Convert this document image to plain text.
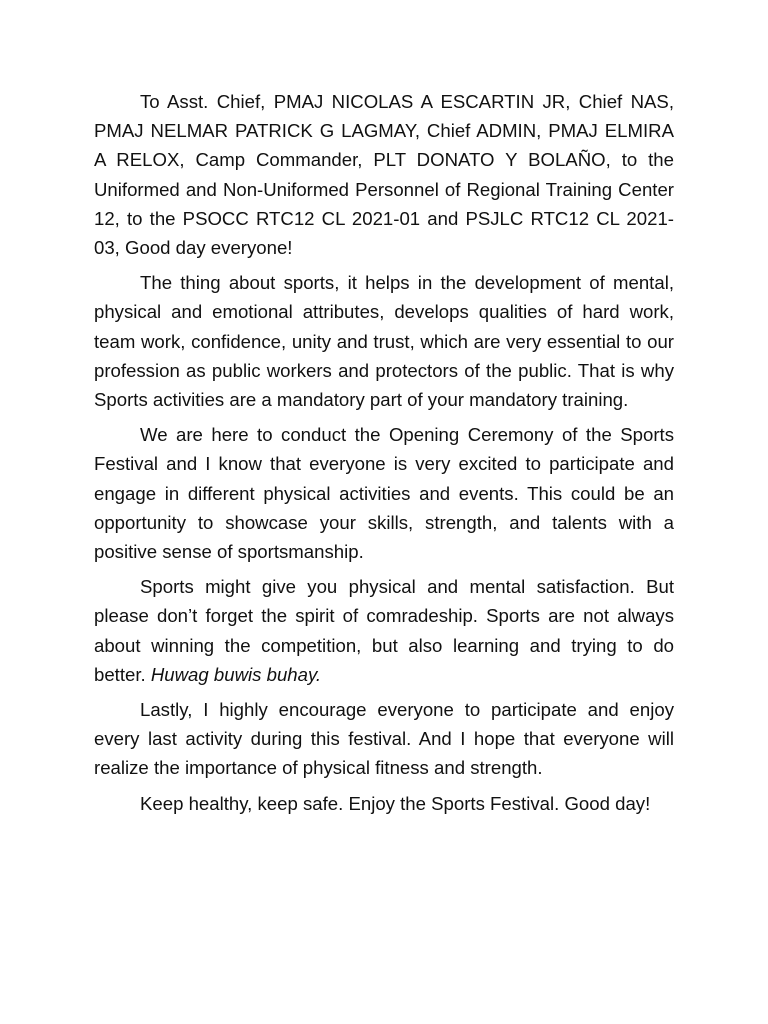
To Asst. Chief, PMAJ NICOLAS A ESCARTIN JR, Chief NAS, PMAJ NELMAR PATRICK G LAGMAY, Chief ADMIN, PMAJ ELMIRA A RELOX, Camp Commander, PLT DONATO Y BOLAÑO, to the Uniformed and Non-Uniformed Personnel of Regional Training Center 12, to the PSOCC RTC12 CL 2021-01 and PSJLC RTC12 CL 2021-03, Good day everyone!

The thing about sports, it helps in the development of mental, physical and emotional attributes, develops qualities of hard work, team work, confidence, unity and trust, which are very essential to our profession as public workers and protectors of the public. That is why Sports activities are a mandatory part of your mandatory training.

We are here to conduct the Opening Ceremony of the Sports Festival and I know that everyone is very excited to participate and engage in different physical activities and events. This could be an opportunity to showcase your skills, strength, and talents with a positive sense of sportsmanship.

Sports might give you physical and mental satisfaction. But please don’t forget the spirit of comradeship. Sports are not always about winning the competition, but also learning and trying to do better. Huwag buwis buhay.

Lastly, I highly encourage everyone to participate and enjoy every last activity during this festival. And I hope that everyone will realize the importance of physical fitness and strength.

Keep healthy, keep safe. Enjoy the Sports Festival. Good day!
